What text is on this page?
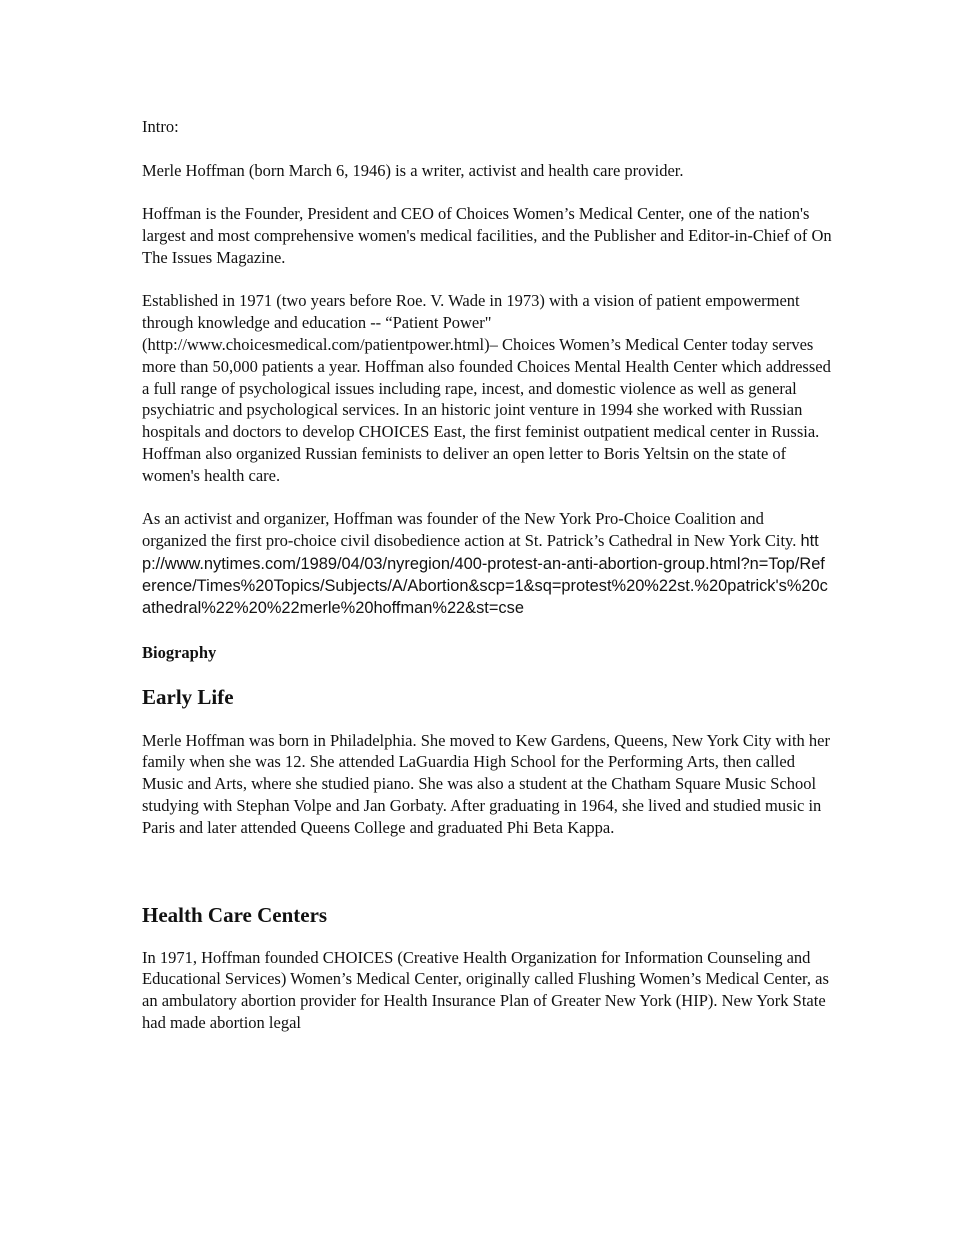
Intro:

Merle Hoffman (born March 6, 1946) is a writer, activist and health care provider.

Hoffman is the Founder, President and CEO of Choices Women’s Medical Center, one of the nation's largest and most comprehensive women's medical facilities, and the Publisher and Editor-in-Chief of On The Issues Magazine.

Established in 1971 (two years before Roe. V. Wade in 1973) with a vision of patient empowerment through knowledge and education -- “Patient Power" (http://www.choicesmedical.com/patientpower.html)– Choices Women’s Medical Center today serves more than 50,000 patients a year. Hoffman also founded Choices Mental Health Center which addressed a full range of psychological issues including rape, incest, and domestic violence as well as general psychiatric and psychological services. In an historic joint venture in 1994 she worked with Russian hospitals and doctors to develop CHOICES East, the first feminist outpatient medical center in Russia. Hoffman also organized Russian feminists to deliver an open letter to Boris Yeltsin on the state of women's health care.

As an activist and organizer, Hoffman was founder of the New York Pro-Choice Coalition and organized the first pro-choice civil disobedience action at St. Patrick’s Cathedral in New York City. http://www.nytimes.com/1989/04/03/nyregion/400-protest-an-anti-abortion-group.html?n=Top/Reference/Times%20Topics/Subjects/A/Abortion&scp=1&sq=protest%20%22st.%20patrick's%20cathedral%22%20%22merle%20hoffman%22&st=cse

Biography

Early Life

Merle Hoffman was born in Philadelphia. She moved to Kew Gardens, Queens, New York City with her family when she was 12. She attended LaGuardia High School for the Performing Arts, then called Music and Arts, where she studied piano. She was also a student at the Chatham Square Music School studying with Stephan Volpe and Jan Gorbaty. After graduating in 1964, she lived and studied music in Paris and later attended Queens College and graduated Phi Beta Kappa.

Health Care Centers

In 1971, Hoffman founded CHOICES (Creative Health Organization for Information Counseling and Educational Services) Women’s Medical Center, originally called Flushing Women’s Medical Center, as an ambulatory abortion provider for Health Insurance Plan of Greater New York (HIP). New York State had made abortion legal
